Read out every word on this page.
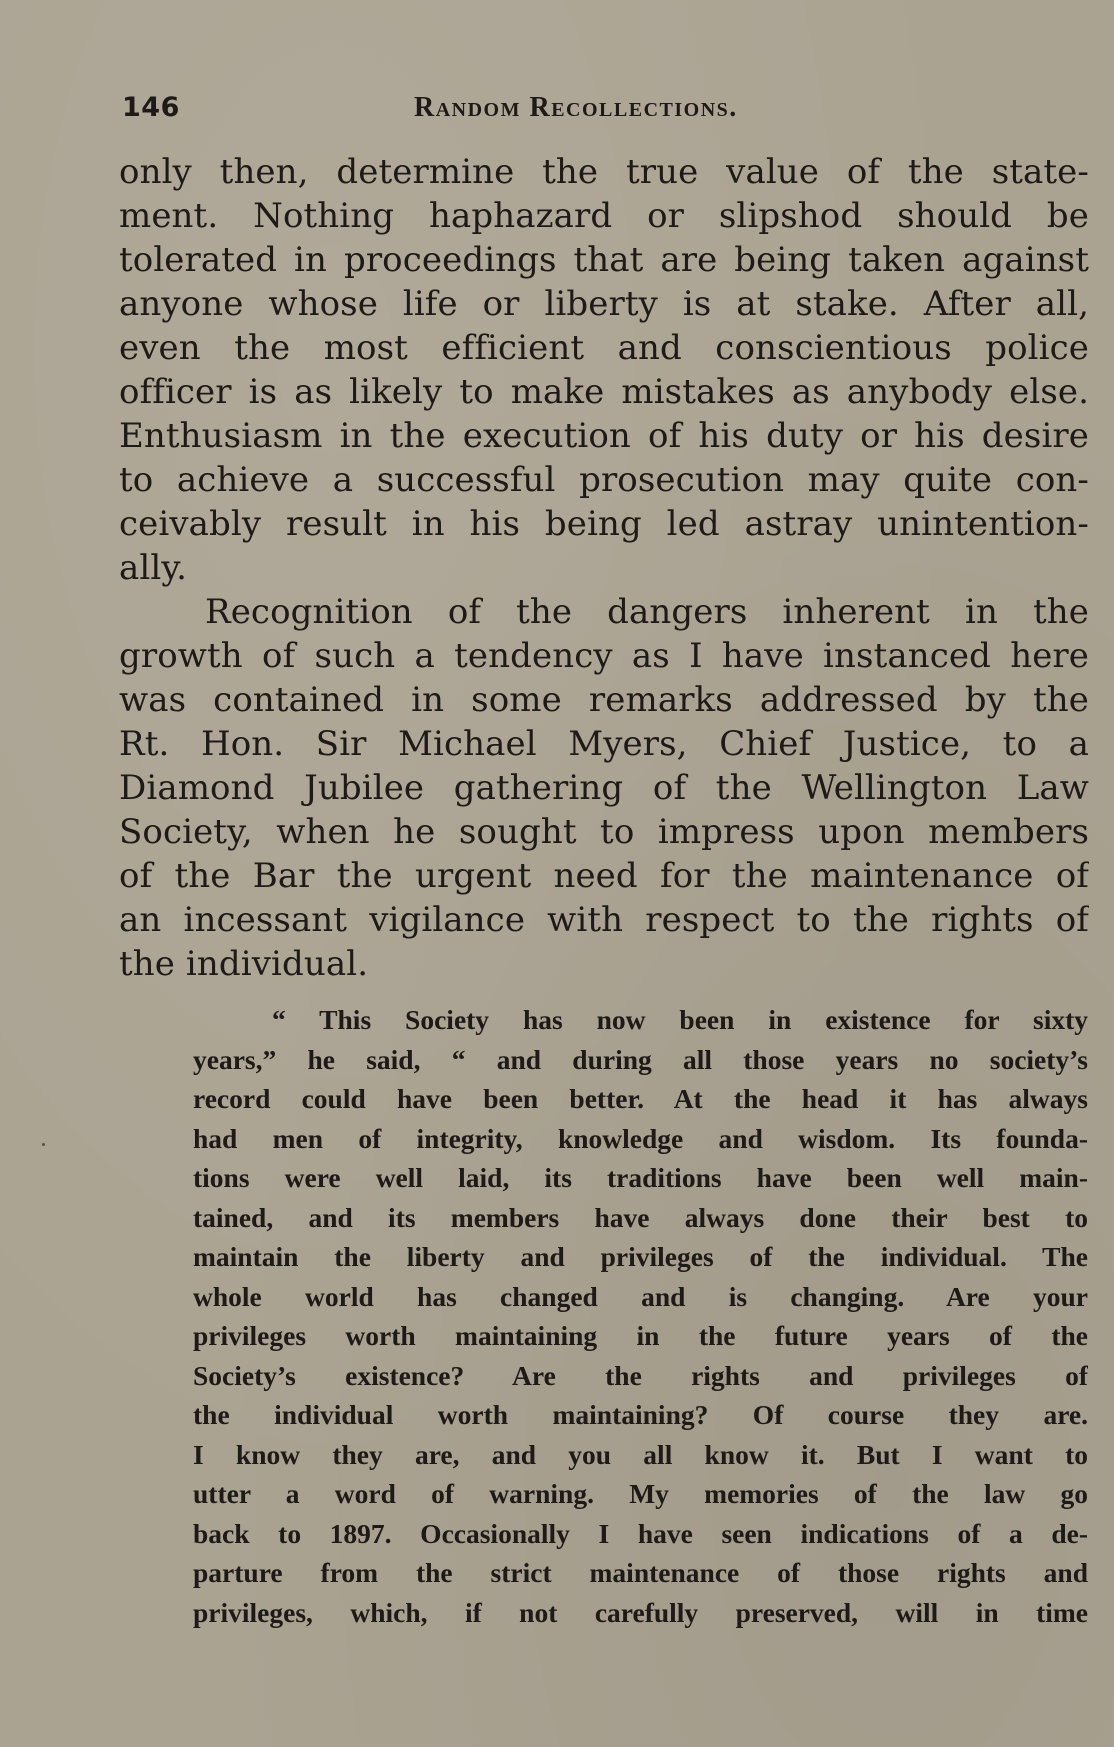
146	Random Recollections.
only then, determine the true value of the state-
ment. Nothing haphazard or slipshod should be
tolerated in proceedings that are being taken against
anyone whose life or liberty is at stake. After all,
even the most efficient and conscientious police
officer is as likely to make mistakes as anybody else.
Enthusiasm in the execution of his duty or his desire
to achieve a successful prosecution may quite con-
ceivably result in his being led astray unintention-
ally.
Recognition of the dangers inherent in the
growth of such a tendency as I have instanced here
was contained in some remarks addressed by the
Rt. Hon. Sir Michael Myers, Chief Justice, to a
Diamond Jubilee gathering of the Wellington Law
Society, when he sought to impress upon members
of the Bar the urgent need for the maintenance of
an incessant vigilance with respect to the rights of
the individual.
“ This Society has now been in existence for sixty
years,” he said, “ and during all those years no society’s
record could have been better. At the head it has always
had men of integrity, knowledge and wisdom. Its founda-
tions were well laid, its traditions have been well main-
tained, and its members have always done their best to
maintain the liberty and privileges of the individual. The
whole world has changed and is changing. Are your
privileges worth maintaining in the future years of the
Society’s existence? Are the rights and privileges of
the individual worth maintaining? Of course they are.
I know they are, and you all know it. But I want to
utter a word of warning. My memories of the law go
back to 1897. Occasionally I have seen indications of a de-
parture from the strict maintenance of those rights and
privileges, which, if not carefully preserved, will in time
